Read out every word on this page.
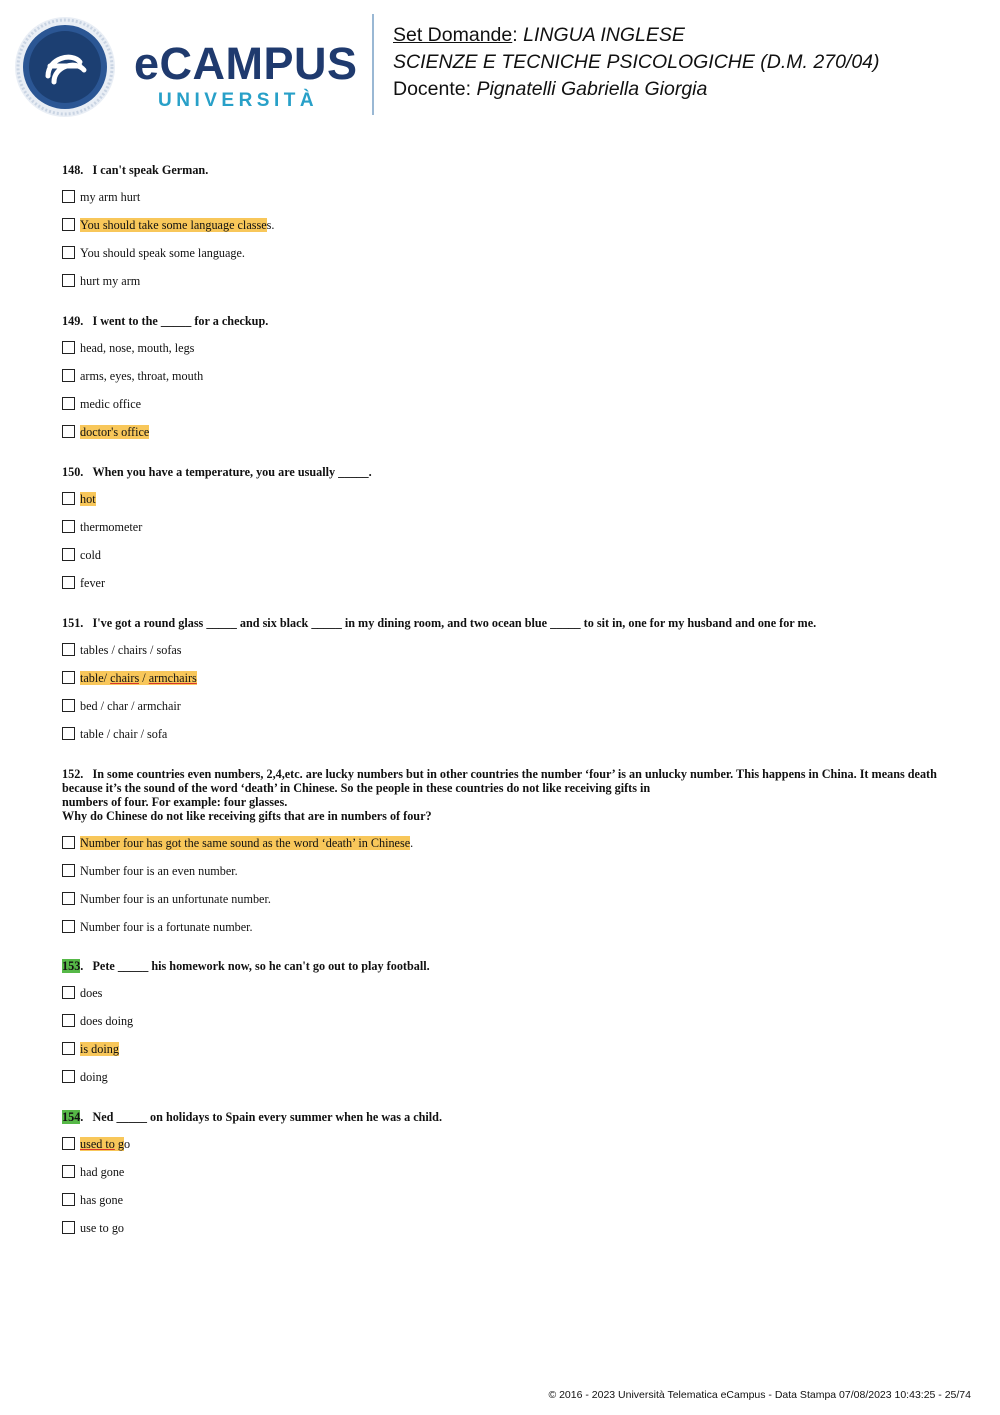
eCAMPUS
UNIVERSITÀ
Set Domande: LINGUA INGLESE
SCIENZE E TECNICHE PSICOLOGICHE (D.M. 270/04)
Docente: Pignatelli Gabriella Giorgia
148.   I can't speak German.
my arm hurt
You should take some language classes.
You should speak some language.
hurt my arm
149.   I went to the _____ for a checkup.
head, nose, mouth, legs
arms, eyes, throat, mouth
medic office
doctor's office
150.   When you have a temperature, you are usually _____.
hot
thermometer
cold
fever
151.   I've got a round glass _____ and six black _____ in my dining room, and two ocean blue _____ to sit in, one for my husband and one for me.
tables / chairs / sofas
table/ chairs / armchairs
bed / char / armchair
table / chair / sofa
152.   In some countries even numbers, 2,4,etc. are lucky numbers but in other countries the number ‘four’ is an unlucky number. This happens in China. It means death because it’s the sound of the word ‘death’ in Chinese. So the people in these countries do not like receiving gifts in
numbers of four. For example: four glasses.
Why do Chinese do not like receiving gifts that are in numbers of four?
Number four has got the same sound as the word ‘death’ in Chinese.
Number four is an even number.
Number four is an unfortunate number.
Number four is a fortunate number.
153.   Pete _____ his homework now, so he can't go out to play football.
does
does doing
is doing
doing
154.   Ned _____ on holidays to Spain every summer when he was a child.
used to go
had gone
has gone
use to go
© 2016 - 2023 Università Telematica eCampus - Data Stampa 07/08/2023 10:43:25 - 25/74
